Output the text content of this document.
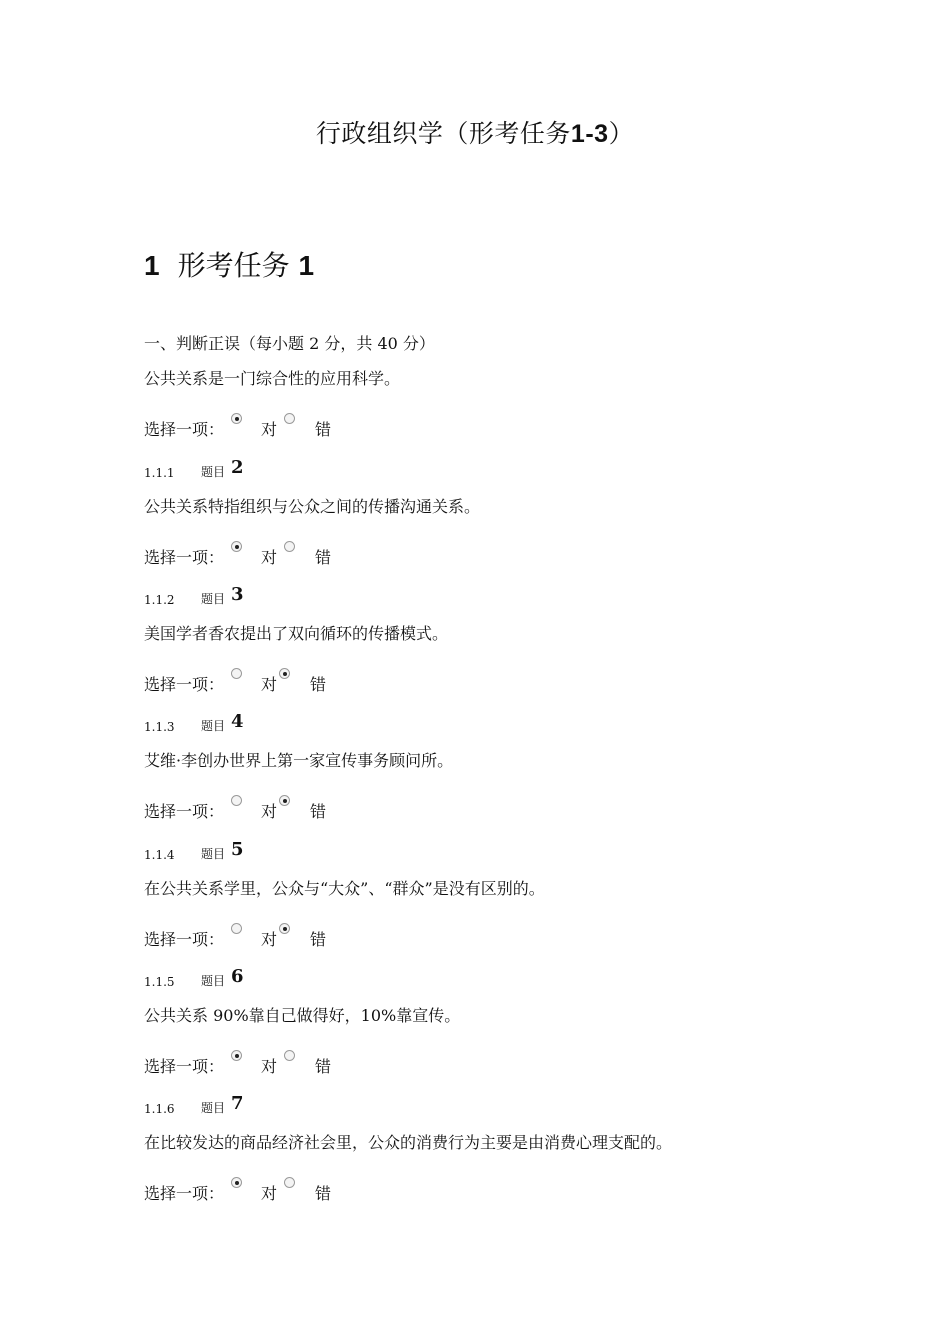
行政组织学（形考任务1-3）
1 形考任务 1
一、判断正误（每小题 2 分，共 40 分）
公共关系是一门综合性的应用科学。
选择一项： 对 错
1.1.1 题目 2
公共关系特指组织与公众之间的传播沟通关系。
选择一项： 对 错
1.1.2 题目 3
美国学者香农提出了双向循环的传播模式。
选择一项： 对 错
1.1.3 题目 4
艾维·李创办世界上第一家宣传事务顾问所。
选择一项： 对 错
1.1.4 题目 5
在公共关系学里，公众与“大众”、“群众”是没有区别的。
选择一项： 对 错
1.1.5 题目 6
公共关系 90%靠自己做得好，10%靠宣传。
选择一项： 对 错
1.1.6 题目 7
在比较发达的商品经济社会里，公众的消费行为主要是由消费心理支配的。
选择一项： 对 错
